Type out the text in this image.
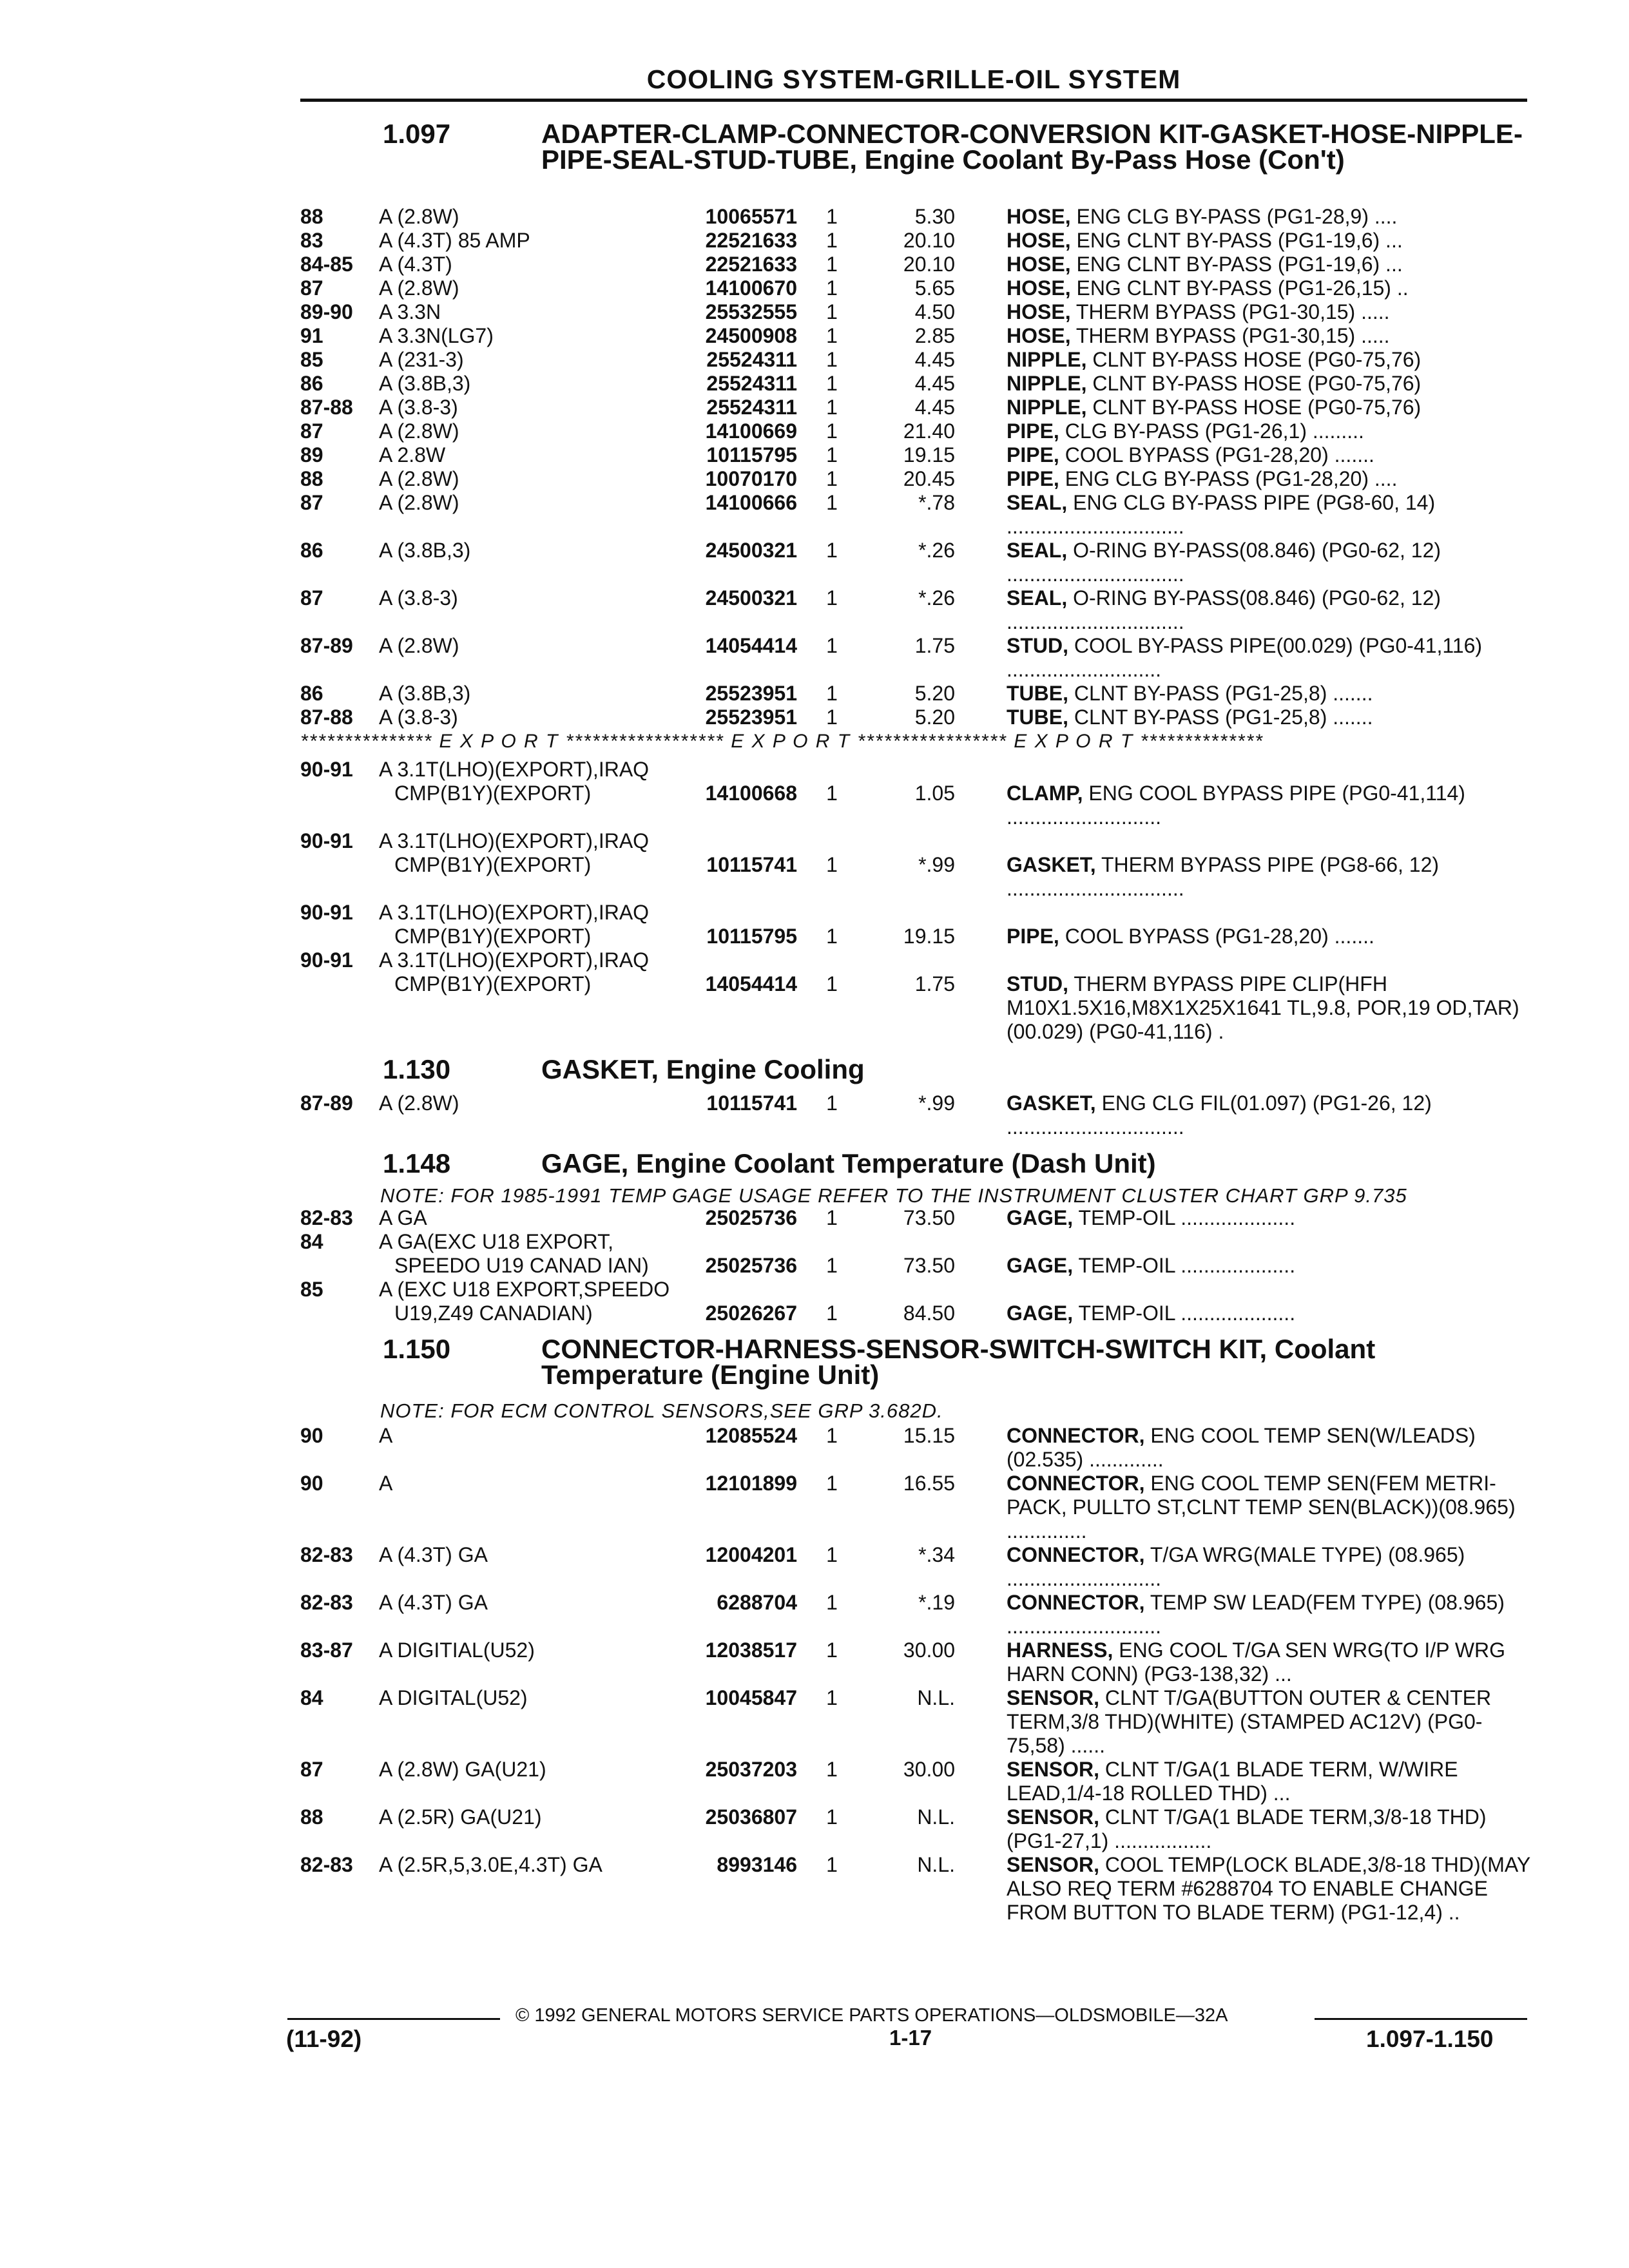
COOLING SYSTEM-GRILLE-OIL SYSTEM
1.097	ADAPTER-CLAMP-CONNECTOR-CONVERSION KIT-GASKET-HOSE-NIPPLE-PIPE-SEAL-STUD-TUBE, Engine Coolant By-Pass Hose (Con't)
88	A (2.8W)	10065571	1	5.30	HOSE, ENG CLG BY-PASS (PG1-28,9) ....
83	A (4.3T) 85 AMP	22521633	1	20.10	HOSE, ENG CLNT BY-PASS (PG1-19,6) ...
84-85	A (4.3T)	22521633	1	20.10	HOSE, ENG CLNT BY-PASS (PG1-19,6) ...
87	A (2.8W)	14100670	1	5.65	HOSE, ENG CLNT BY-PASS (PG1-26,15) ..
89-90	A 3.3N	25532555	1	4.50	HOSE, THERM BYPASS (PG1-30,15) .....
91	A 3.3N(LG7)	24500908	1	2.85	HOSE, THERM BYPASS (PG1-30,15) .....
85	A (231-3)	25524311	1	4.45	NIPPLE, CLNT BY-PASS HOSE (PG0-75,76)
86	A (3.8B,3)	25524311	1	4.45	NIPPLE, CLNT BY-PASS HOSE (PG0-75,76)
87-88	A (3.8-3)	25524311	1	4.45	NIPPLE, CLNT BY-PASS HOSE (PG0-75,76)
87	A (2.8W)	14100669	1	21.40	PIPE, CLG BY-PASS (PG1-26,1) .........
89	A 2.8W	10115795	1	19.15	PIPE, COOL BYPASS (PG1-28,20) .......
88	A (2.8W)	10070170	1	20.45	PIPE, ENG CLG BY-PASS (PG1-28,20) ....
87	A (2.8W)	14100666	1	*.78	SEAL, ENG CLG BY-PASS PIPE (PG8-60, 14) ...............................
86	A (3.8B,3)	24500321	1	*.26	SEAL, O-RING BY-PASS(08.846) (PG0-62, 12) ...............................
87	A (3.8-3)	24500321	1	*.26	SEAL, O-RING BY-PASS(08.846) (PG0-62, 12) ...............................
87-89	A (2.8W)	14054414	1	1.75	STUD, COOL BY-PASS PIPE(00.029) (PG0-41,116) ...........................
86	A (3.8B,3)	25523951	1	5.20	TUBE, CLNT BY-PASS (PG1-25,8) .......
87-88	A (3.8-3)	25523951	1	5.20	TUBE, CLNT BY-PASS (PG1-25,8) .......
*************** E X P O R T ****************** E X P O R T ***************** E X P O R T **************
90-91	A 3.1T(LHO)(EXPORT),IRAQ
CMP(B1Y)(EXPORT)	14100668	1	1.05	CLAMP, ENG COOL BYPASS PIPE (PG0-41,114) ...........................
90-91	A 3.1T(LHO)(EXPORT),IRAQ
CMP(B1Y)(EXPORT)	10115741	1	*.99	GASKET, THERM BYPASS PIPE (PG8-66, 12) ...............................
90-91	A 3.1T(LHO)(EXPORT),IRAQ
CMP(B1Y)(EXPORT)	10115795	1	19.15	PIPE, COOL BYPASS (PG1-28,20) .......
90-91	A 3.1T(LHO)(EXPORT),IRAQ
CMP(B1Y)(EXPORT)	14054414	1	1.75	STUD, THERM BYPASS PIPE CLIP(HFH M10X1.5X16,M8X1X25X1641 TL,9.8, POR,19 OD,TAR)(00.029) (PG0-41,116) .
1.130	GASKET, Engine Cooling
87-89	A (2.8W)	10115741	1	*.99	GASKET, ENG CLG FIL(01.097) (PG1-26, 12) ...............................
1.148	GAGE, Engine Coolant Temperature (Dash Unit)
NOTE: FOR 1985-1991 TEMP GAGE USAGE REFER TO THE INSTRUMENT CLUSTER CHART GRP 9.735
82-83	A GA	25025736	1	73.50	GAGE, TEMP-OIL ....................
84	A GA(EXC U18 EXPORT,
SPEEDO U19 CANAD IAN)	25025736	1	73.50	GAGE, TEMP-OIL ....................
85	A (EXC U18 EXPORT,SPEEDO
U19,Z49 CANADIAN)	25026267	1	84.50	GAGE, TEMP-OIL ....................
1.150	CONNECTOR-HARNESS-SENSOR-SWITCH-SWITCH KIT, Coolant Temperature (Engine Unit)
NOTE: FOR ECM CONTROL SENSORS,SEE GRP 3.682D.
90	A	12085524	1	15.15	CONNECTOR, ENG COOL TEMP SEN(W/LEADS)(02.535) .............
90	A	12101899	1	16.55	CONNECTOR, ENG COOL TEMP SEN(FEM METRI-PACK, PULLTO ST,CLNT TEMP SEN(BLACK))(08.965) ..............
82-83	A (4.3T) GA	12004201	1	*.34	CONNECTOR, T/GA WRG(MALE TYPE) (08.965) ...........................
82-83	A (4.3T) GA	6288704	1	*.19	CONNECTOR, TEMP SW LEAD(FEM TYPE) (08.965) ...........................
83-87	A DIGITIAL(U52)	12038517	1	30.00	HARNESS, ENG COOL T/GA SEN WRG(TO I/P WRG HARN CONN) (PG3-138,32) ...
84	A DIGITAL(U52)	10045847	1	N.L.	SENSOR, CLNT T/GA(BUTTON OUTER & CENTER TERM,3/8 THD)(WHITE) (STAMPED AC12V) (PG0-75,58) ......
87	A (2.8W) GA(U21)	25037203	1	30.00	SENSOR, CLNT T/GA(1 BLADE TERM, W/WIRE LEAD,1/4-18 ROLLED THD) ...
88	A (2.5R) GA(U21)	25036807	1	N.L.	SENSOR, CLNT T/GA(1 BLADE TERM,3/8-18 THD) (PG1-27,1) .................
82-83	A (2.5R,5,3.0E,4.3T) GA	8993146	1	N.L.	SENSOR, COOL TEMP(LOCK BLADE,3/8-18 THD)(MAY ALSO REQ TERM #6288704 TO ENABLE CHANGE FROM BUTTON TO BLADE TERM) (PG1-12,4) ..
© 1992 GENERAL MOTORS SERVICE PARTS OPERATIONS—OLDSMOBILE—32A
(11-92)	1-17	1.097-1.150
